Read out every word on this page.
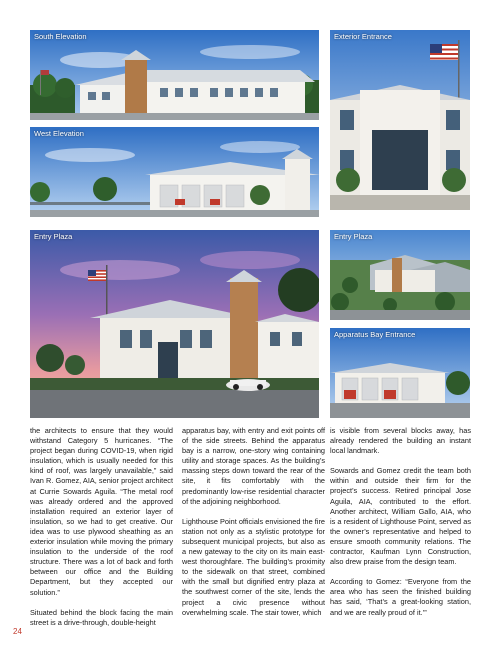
South Elevation	Exterior Entrance
West Elevation
Entry Plaza	Entry Plaza
Apparatus Bay Entrance

the architects to ensure that they would withstand Category 5 hurricanes. “The project began during COVID-19, when rigid insulation, which is usually needed for this kind of roof, was largely unavailable,” said Ivan R. Gomez, AIA, senior project architect at Currie Sowards Aguila. “The metal roof was already ordered and the approved installation required an exterior layer of insulation, so we had to get creative. Our idea was to use plywood sheathing as an exterior insulation while moving the primary insulation to the underside of the roof structure. There was a lot of back and forth between our office and the Building Department, but they accepted our solution.”

Situated behind the block facing the main street is a drive-through, double-height

apparatus bay, with entry and exit points off of the side streets. Behind the apparatus bay is a narrow, one-story wing containing utility and storage spaces. As the building’s massing steps down toward the rear of the site, it fits comfortably with the predominantly low-rise residential character of the adjoining neighborhood.

Lighthouse Point officials envisioned the fire station not only as a stylistic prototype for subsequent municipal projects, but also as a new gateway to the city on its main east-west thoroughfare. The building’s proximity to the sidewalk on that street, combined with the small but dignified entry plaza at the southwest corner of the site, lends the project a civic presence without overwhelming scale. The stair tower, which

is visible from several blocks away, has already rendered the building an instant local landmark.

Sowards and Gomez credit the team both within and outside their firm for the project’s success. Retired principal Jose Aguila, AIA, contributed to the effort. Another architect, William Gallo, AIA, who is a resident of Lighthouse Point, served as the owner’s representative and helped to ensure smooth community relations. The contractor, Kaufman Lynn Construction, also drew praise from the design team.

According to Gomez: “Everyone from the area who has seen the finished building has said, ‘That’s a great-looking station, and we are really proud of it.’”

24
